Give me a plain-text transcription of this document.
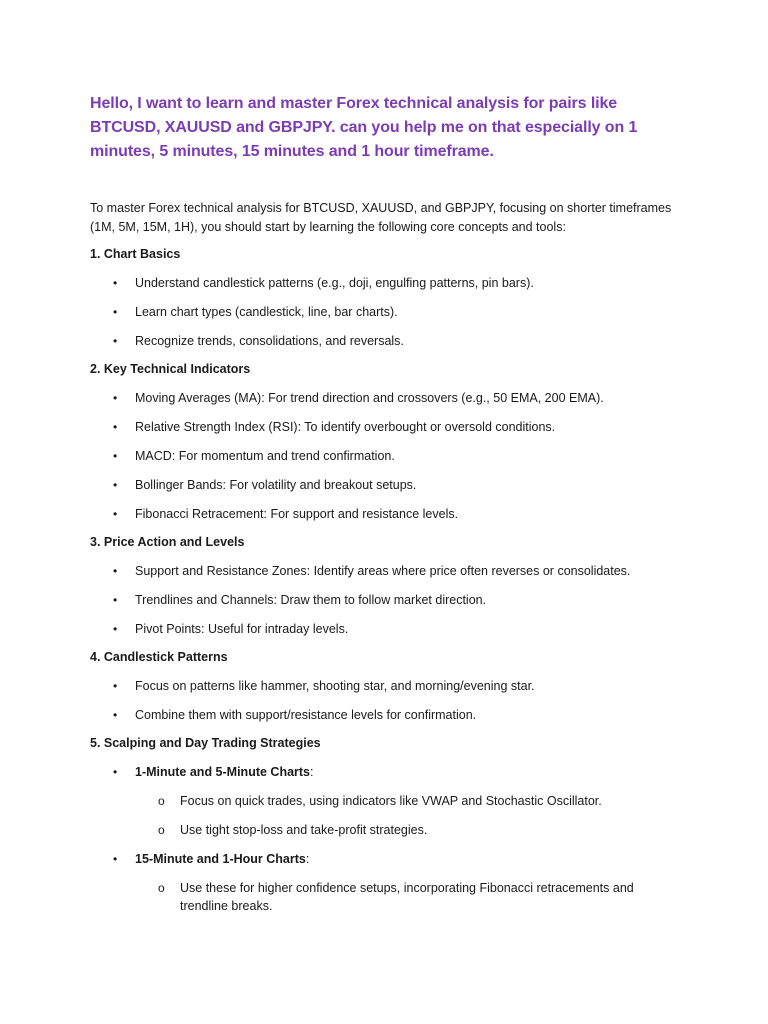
Hello, I want to learn and master Forex technical analysis for pairs like BTCUSD, XAUUSD and GBPJPY. can you help me on that especially on 1 minutes, 5 minutes, 15 minutes and 1 hour timeframe.

To master Forex technical analysis for BTCUSD, XAUUSD, and GBPJPY, focusing on shorter timeframes (1M, 5M, 15M, 1H), you should start by learning the following core concepts and tools:

1. Chart Basics

• Understand candlestick patterns (e.g., doji, engulfing patterns, pin bars).
• Learn chart types (candlestick, line, bar charts).
• Recognize trends, consolidations, and reversals.

2. Key Technical Indicators

• Moving Averages (MA): For trend direction and crossovers (e.g., 50 EMA, 200 EMA).
• Relative Strength Index (RSI): To identify overbought or oversold conditions.
• MACD: For momentum and trend confirmation.
• Bollinger Bands: For volatility and breakout setups.
• Fibonacci Retracement: For support and resistance levels.

3. Price Action and Levels

• Support and Resistance Zones: Identify areas where price often reverses or consolidates.
• Trendlines and Channels: Draw them to follow market direction.
• Pivot Points: Useful for intraday levels.

4. Candlestick Patterns

• Focus on patterns like hammer, shooting star, and morning/evening star.
• Combine them with support/resistance levels for confirmation.

5. Scalping and Day Trading Strategies

• 1-Minute and 5-Minute Charts:
o Focus on quick trades, using indicators like VWAP and Stochastic Oscillator.
o Use tight stop-loss and take-profit strategies.
• 15-Minute and 1-Hour Charts:
o Use these for higher confidence setups, incorporating Fibonacci retracements and trendline breaks.
